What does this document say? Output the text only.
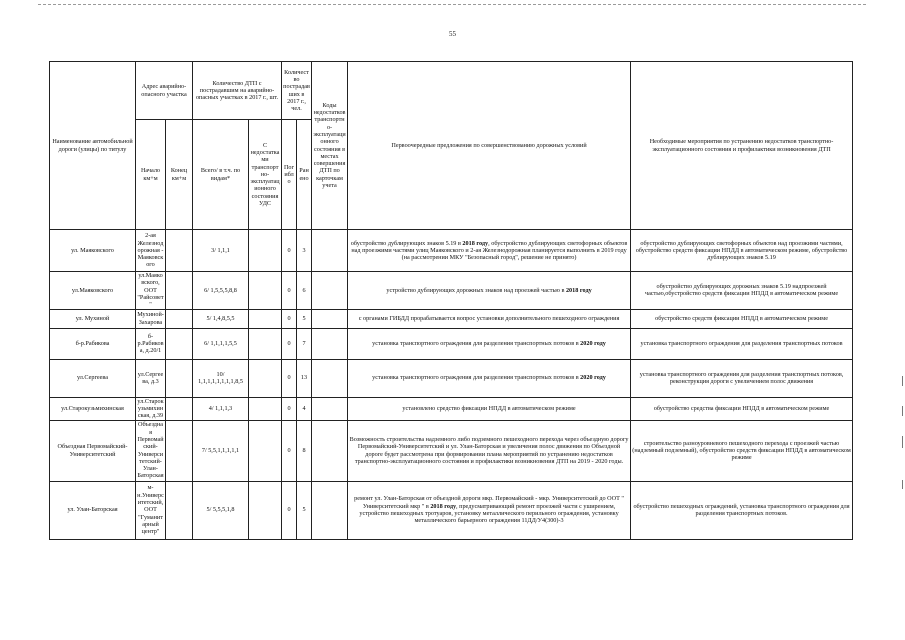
55
Наименование автомобильной дороги (улицы) по титулу	Адрес аварийно-опасного участка		Количество ДТП с пострадавшим на аварийно-опасных участках в 2017 г., шт.		Количество пострадавших в 2017 г., чел.		Коды недостатков транспортно-эксплуатационного состояния в местах совершения ДТП по карточкам учета	Первоочередные предложения по совершенствованию дорожных условий	Необходимые мероприятия по устранению недостатков транспортно-эксплуатационного состояния и профилактики возникновения ДТП
	Начало км+м	Конец км+м	Всего/ в т.ч. по видам*	С недостатками транспортно-эксплуатационного состояния УДС	Погибло	Ранено			
ул. Маяковского	2-ая Железнодорожная - Маяковского		3/ 1,1,1		0	3		обустройство дублирующих знаков 5.19 в 2018 году, обустройство дублирующих светофорных объектов над проезжими частями улиц Маяковского и 2-ая Железнодорожная планируется выполнить в 2019 году (на рассмотрении МКУ "Безопасный город", решение не принято)	обустройство дублирующих светофорных объектов над проезжими частями, обустройство средств фиксации НПДД в автоматическом режиме, обустройство дублирующих знаков 5.19
ул.Маяковского	ул.Маяковского, ООТ "Райсовет"		6/ 1,5,5,5,8,8		0	6		устройство дублирующих дорожных знаков над проезжей частью в 2018 году	обустройство дублирующих дорожных знаков 5.19 надпроезжей частью,обустройство средств фиксации НПДД в автоматическом режиме
ул. Мухиной	Мухиной-Захарова		5/ 1,4,8,5,5		0	5		с органами ГИБДД прорабатывается вопрос установки дополнительного пешеходного ограждения	обустройство средств фиксации НПДД в автоматическом режиме
б-р.Рабикова	б-р.Рабикова, д.20/1		6/ 1,1,1,1,5,5		0	7		установка транспортного ограждения для разделения транспортных потоков в 2020 году	установка транспортного ограждения для разделения транспортных потоков
ул.Сергеева	ул.Сергеева, д.3		10/ 1,1,1,1,1,1,1,1,8,5		0	13		установка транспортного ограждения для разделения транспортных потоков в 2020 году	установка транспортного ограждения для разделения транспортных потоков, реконструкция дороги с увеличением полос движения
ул.Старокузьмихинская	ул.Старокузьмихинская, д.39		4/ 1,1,1,3		0	4		установлено средство фиксации НПДД в автоматическом режиме	обустройство средства фиксации НПДД в автоматическом режиме
Объездная Первомайский-Университетский	Объездная Первомайский-Университетский-Улан-Баторская		7/ 5,5,1,1,1,1,1		0	8		Возможность строительства надземного либо подземного пешеходного перехода через объездную дорогу Первомайский-Университетский и ул. Улан-Баторская и увеличения полос движения по Объездной дороге будет рассмотрена при формировании плана мероприятий по устранению недостатков транспортно-эксплуатационного состояния и профилактики возникновения ДТП на 2019 - 2020 годы.	строительство разноуровневого пешеходного перехода с проезжей частью (надземный подземный), обустройство средств фиксации НПДД в автоматическом режиме
ул. Улан-Баторская	м-н.Университетский, ООТ "Гуманитарный центр"		5/ 5,5,5,1,8		0	5		ремонт ул. Улан-Баторская от объездной дороги мкр. Первомайский - мкр. Университетский до ООТ " Университетский мкр " в 2018 году, предусматривающий ремонт проезжей части с уширением, устройство пешеходных тротуаров, установку металлического перильного ограждения, установку металлического барьерного ограждения 11ДД/У4(300)-3	обустройство пешеходных ограждений, установка транспортного ограждения для разделения транспортных потоков.
